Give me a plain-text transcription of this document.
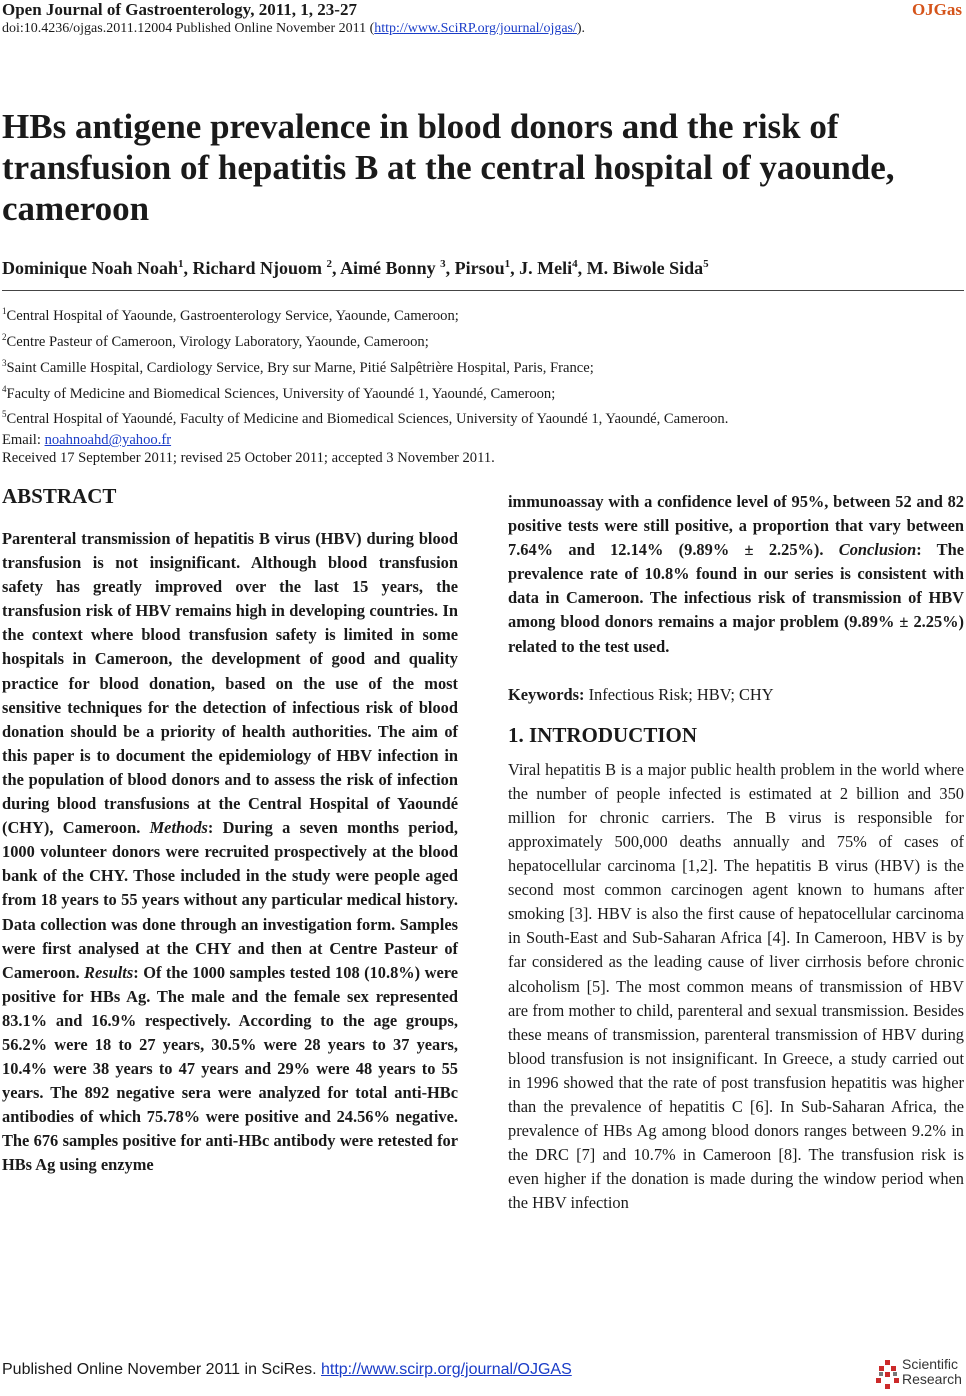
Open Journal of Gastroenterology, 2011, 1, 23-27	OJGas
doi:10.4236/ojgas.2011.12004 Published Online November 2011 (http://www.SciRP.org/journal/ojgas/).
HBs antigene prevalence in blood donors and the risk of transfusion of hepatitis B at the central hospital of yaounde, cameroon
Dominique Noah Noah$^1$, Richard Njouom $^2$, Aimé Bonny $^3$, Pirsou$^1$, J. Meli$^4$, M. Biwole Sida$^5$
$^1$Central Hospital of Yaounde, Gastroenterology Service, Yaounde, Cameroon;
$^2$Centre Pasteur of Cameroon, Virology Laboratory, Yaounde, Cameroon;
$^3$Saint Camille Hospital, Cardiology Service, Bry sur Marne, Pitié Salpêtrière Hospital, Paris, France;
$^4$Faculty of Medicine and Biomedical Sciences, University of Yaoundé 1, Yaoundé, Cameroon;
$^5$Central Hospital of Yaoundé, Faculty of Medicine and Biomedical Sciences, University of Yaoundé 1, Yaoundé, Cameroon.
Email: noahnoahd@yahoo.fr
Received 17 September 2011; revised 25 October 2011; accepted 3 November 2011.
ABSTRACT

Parenteral transmission of hepatitis B virus (HBV) during blood transfusion is not insignificant. Although blood transfusion safety has greatly improved over the last 15 years, the transfusion risk of HBV remains high in developing countries. In the context where blood transfusion safety is limited in some hospitals in Cameroon, the development of good and quality practice for blood donation, based on the use of the most sensitive techniques for the detection of infectious risk of blood donation should be a priority of health authorities. The aim of this paper is to document the epidemiology of HBV infection in the population of blood donors and to assess the risk of infection during blood transfusions at the Central Hospital of Yaoundé (CHY), Cameroon. Methods: During a seven months period, 1000 volunteer donors were recruited prospectively at the blood bank of the CHY. Those included in the study were people aged from 18 years to 55 years without any particular medical history. Data collection was done through an investigation form. Samples were first analysed at the CHY and then at Centre Pasteur of Cameroon. Results: Of the 1000 samples tested 108 (10.8%) were positive for HBs Ag. The male and the female sex represented 83.1% and 16.9% respectively. According to the age groups, 56.2% were 18 to 27 years, 30.5% were 28 years to 37 years, 10.4% were 38 years to 47 years and 29% were 48 years to 55 years. The 892 negative sera were analyzed for total anti-HBc antibodies of which 75.78% were positive and 24.56% negative. The 676 samples positive for anti-HBc antibody were retested for HBs Ag using enzyme

immunoassay with a confidence level of 95%, between 52 and 82 positive tests were still positive, a proportion that vary between 7.64% and 12.14% (9.89% ± 2.25%). Conclusion: The prevalence rate of 10.8% found in our series is consistent with data in Cameroon. The infectious risk of transmission of HBV among blood donors remains a major problem (9.89% ± 2.25%) related to the test used.

Keywords: Infectious Risk; HBV; CHY

1. INTRODUCTION

Viral hepatitis B is a major public health problem in the world where the number of people infected is estimated at 2 billion and 350 million for chronic carriers. The B virus is responsible for approximately 500,000 deaths annually and 75% of cases of hepatocellular carcinoma [1,2]. The hepatitis B virus (HBV) is the second most common carcinogen agent known to humans after smoking [3]. HBV is also the first cause of hepatocellular carcinoma in South-East and Sub-Saharan Africa [4]. In Cameroon, HBV is by far considered as the leading cause of liver cirrhosis before chronic alcoholism [5]. The most common means of transmission of HBV are from mother to child, parenteral and sexual transmission. Besides these means of transmission, parenteral transmission of HBV during blood transfusion is not insignificant. In Greece, a study carried out in 1996 showed that the rate of post transfusion hepatitis was higher than the prevalence of hepatitis C [6]. In Sub-Saharan Africa, the prevalence of HBs Ag among blood donors ranges between 9.2% in the DRC [7] and 10.7% in Cameroon [8]. The transfusion risk is even higher if the donation is made during the window period when the HBV infection

Published Online November 2011 in SciRes. http://www.scirp.org/journal/OJGAS	Scientific
Research
